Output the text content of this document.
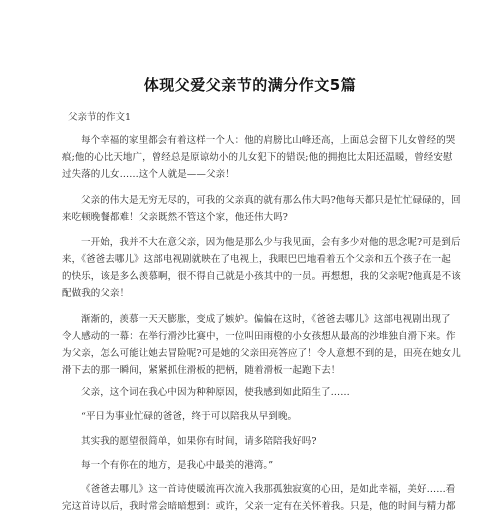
体现父爱父亲节的满分作文5篇
父亲节的作文1
每个幸福的家里都会有着这样一个人：他的肩膀比山峰还高，上面总会留下儿女曾经的哭
痕;他的心比天地广，曾经总是原谅幼小的儿女犯下的错误;他的拥抱比太阳还温暖，曾经安慰
过失落的儿女……这个人就是——父亲！
父亲的伟大是无穷无尽的，可我的父亲真的就有那么伟大吗?他每天都只是忙忙碌碌的，回
来吃顿晚餐都难！父亲既然不管这个家，他还伟大吗?
一开始，我并不大在意父亲，因为他是那么少与我见面，会有多少对他的思念呢?可是到后
来，《爸爸去哪儿》这部电视剧就映在了电视上，我眼巴巴地看着五个父亲和五个孩子在一起
的快乐，该是多么羡慕啊，很不得自己就是小孩其中的一员。再想想，我的父亲呢?他真是不该
配做我的父亲！
渐渐的，羡慕一天天膨胀，变成了嫉妒。偏偏在这时，《爸爸去哪儿》这部电视剧出现了
令人感动的一幕：在举行滑沙比赛中，一位叫田雨橙的小女孩想从最高的沙堆独自滑下来。作
为父亲，怎么可能让她去冒险呢?可是她的父亲田亮答应了！令人意想不到的是，田亮在她女儿
滑下去的那一瞬间，紧紧抓住滑板的把柄，随着滑板一起跑下去！
父亲，这个词在我心中因为种种原因，使我感到如此陌生了……
“平日为事业忙碌的爸爸，终于可以陪我从早到晚。
其实我的愿望很简单，如果你有时间，请多陪陪我好吗?
每一个有你在的地方，是我心中最美的港湾。”
《爸爸去哪儿》这一首诗使暖流再次流入我那孤独寂寞的心田，是如此幸福，美好……看
完这首诗以后，我时常会暗暗想到：或许，父亲一定有在关怀着我。只是，他的时间与精力都
